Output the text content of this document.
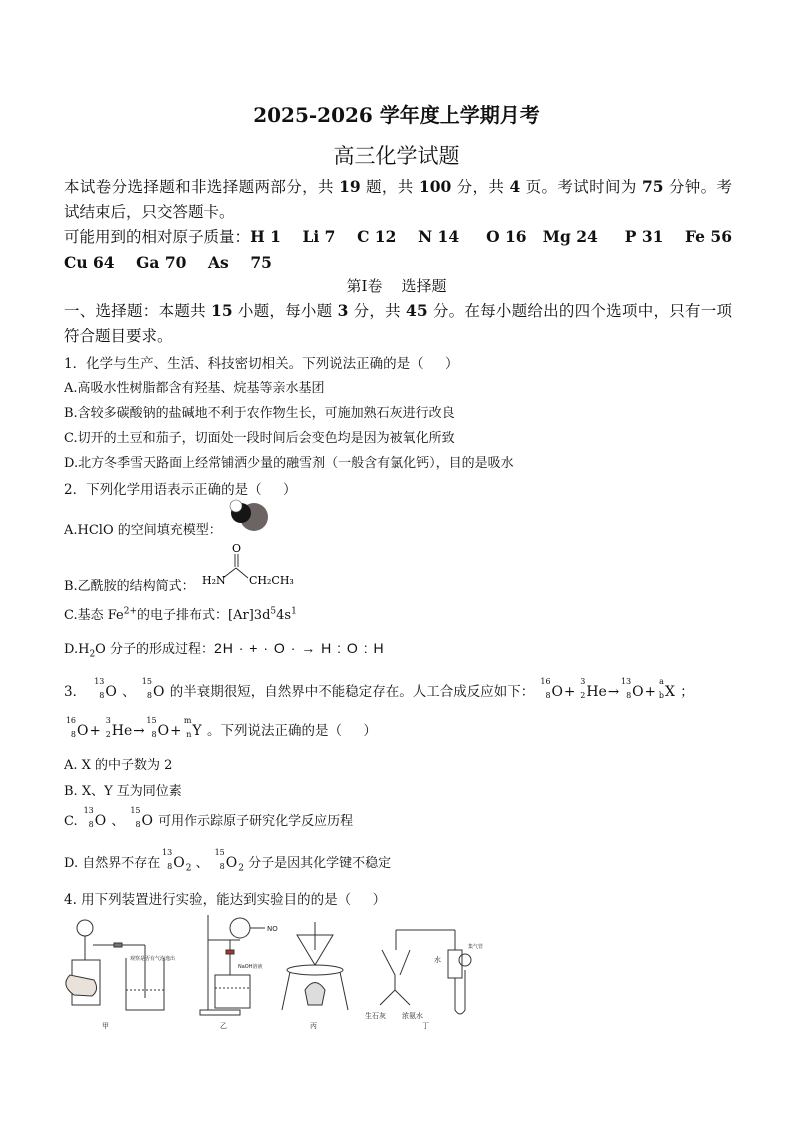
2025-2026 学年度上学期月考
高三化学试题
本试卷分选择题和非选择题两部分，共 19 题，共 100 分，共 4 页。考试时间为 75 分钟。考试结束后，只交答题卡。
可能用到的相对原子质量：H 1    Li 7    C 12    N 14     O 16   Mg 24     P 31    Fe 56    Cu 64    Ga 70    As    75
第Ⅰ卷    选择题
一、选择题：本题共 15 小题，每小题 3 分，共 45 分。在每小题给出的四个选项中，只有一项符合题目要求。
1．化学与生产、生活、科技密切相关。下列说法正确的是（     ）
A.高吸水性树脂都含有羟基、烷基等亲水基团
B.含较多碳酸钠的盐碱地不利于农作物生长，可施加熟石灰进行改良
C.切开的土豆和茄子，切面处一段时间后会变色均是因为被氧化所致
D.北方冬季雪天路面上经常铺洒少量的融雪剂（一般含有氯化钙），目的是吸水
2．下列化学用语表示正确的是（     ）
A.HClO 的空间填充模型：
B.乙酰胺的结构简式：
O
H₂N CH₂CH₃
C.基态 $Fe^{2+}$的电子排布式：$[Ar]3d^54s^1$
$D.H_2O$ 分子的形成过程：2H · + · O · → H : O : H
3．
13
8 O 、
15
8 O 的半衰期很短，自然界中不能稳定存在。人工合成反应如下：
16
8 O+
3
2 He→
13
8 O+
a
b X ；
16
8 O+
3
2 He→
15
8 O+
m
n Y 。下列说法正确的是（     ）
A. X 的中子数为 2
B. X、Y 互为同位素
C.
13
8 O 、
15
8 O 可用作示踪原子研究化学反应历程
D. 自然界不存在
13
8 $O_2$ 、
15
8 $O_2$ 分子是因其化学键不稳定
4. 用下列装置进行实验，能达到实验目的的是（     ）
观察是否有气泡逸出
NO
NaOH溶液
生石灰 浓氨水
水
集气管
甲	乙	丙	丁
